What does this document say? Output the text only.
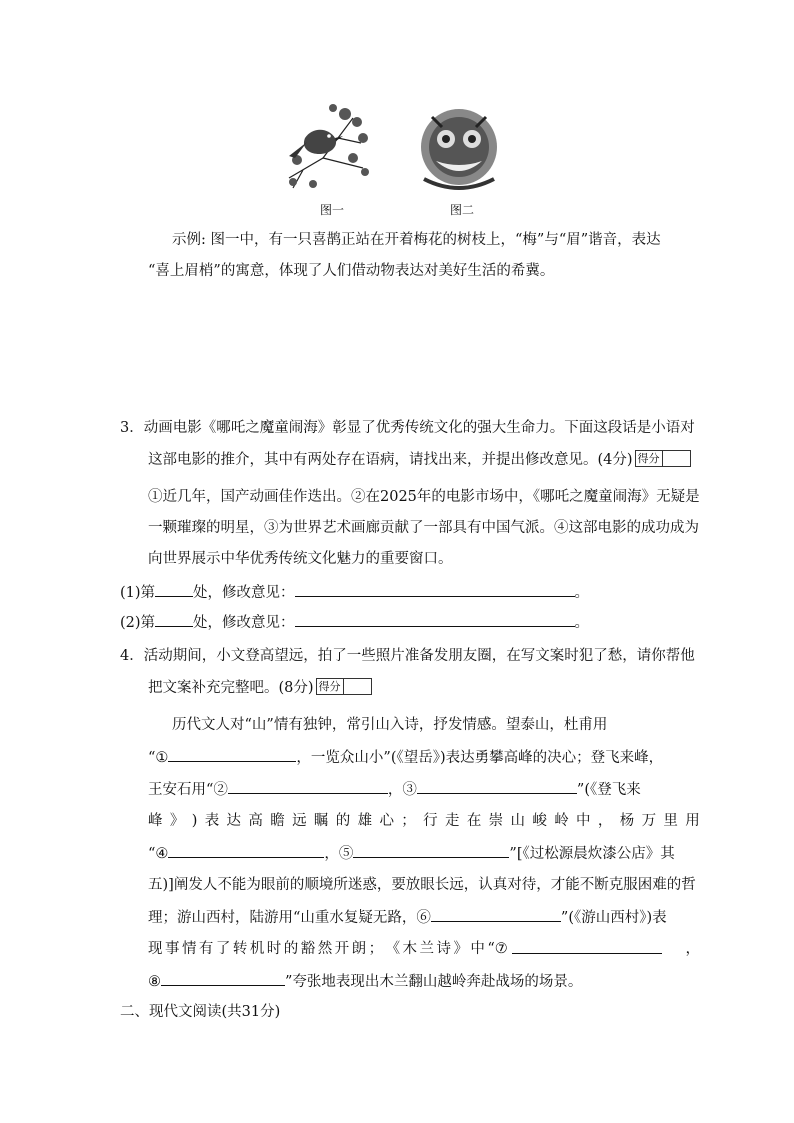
图一	图二
示例: 图一中，有一只喜鹊正站在开着梅花的树枝上，“梅”与“眉”谐音，表达
“喜上眉梢”的寓意，体现了人们借动物表达对美好生活的希冀。
3．动画电影《哪吒之魔童闹海》彰显了优秀传统文化的强大生命力。下面这段话是小语对
这部电影的推介，其中有两处存在语病，请找出来，并提出修改意见。(4分) 得分
①近几年，国产动画佳作迭出。②在2025年的电影市场中，《哪吒之魔童闹海》无疑是
一颗璀璨的明星，③为世界艺术画廊贡献了一部具有中国气派。④这部电影的成功成为
向世界展示中华优秀传统文化魅力的重要窗口。
(1)第	处，修改意见：	。
(2)第	处，修改意见：	。
4．活动期间，小文登高望远，拍了一些照片准备发朋友圈，在写文案时犯了愁，请你帮他
把文案补充完整吧。(8分) 得分
历代文人对“山”情有独钟，常引山入诗，抒发情感。望泰山，杜甫用
“①	，一览众山小”(《望岳》)表达勇攀高峰的决心；登飞来峰，
王安石用“②	，③	”(《登飞来
峰 》 ) 表 达 高 瞻 远 瞩 的 雄 心 ； 行 走 在 崇 山 峻 岭 中 ， 杨 万 里 用
“④	，⑤	”[《过松源晨炊漆公店》其
五)]阐发人不能为眼前的顺境所迷惑，要放眼长远，认真对待，才能不断克服困难的哲
理；游山西村，陆游用“山重水复疑无路，⑥	”(《游山西村》)表
现 事 情 有 了 转 机 时 的 豁 然 开 朗 ； 《 木 兰 诗 》 中 “⑦	，
⑧	”夸张地表现出木兰翻山越岭奔赴战场的场景。
二、现代文阅读(共31分)
